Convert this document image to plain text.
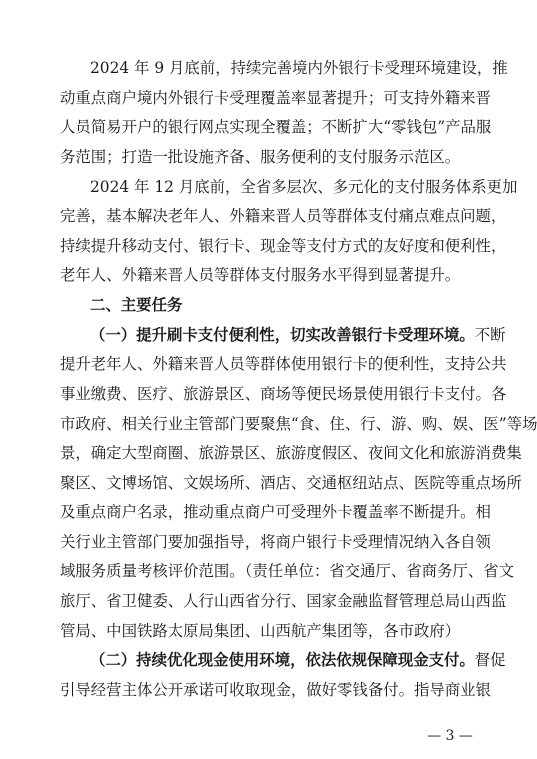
2024 年 9 月底前，持续完善境内外银行卡受理环境建设，推
动重点商户境内外银行卡受理覆盖率显著提升；可支持外籍来晋
人员简易开户的银行网点实现全覆盖；不断扩大“零钱包”产品服
务范围；打造一批设施齐备、服务便利的支付服务示范区。
2024 年 12 月底前，全省多层次、多元化的支付服务体系更加
完善，基本解决老年人、外籍来晋人员等群体支付痛点难点问题，
持续提升移动支付、银行卡、现金等支付方式的友好度和便利性，
老年人、外籍来晋人员等群体支付服务水平得到显著提升。
二、主要任务
（一）提升刷卡支付便利性，切实改善银行卡受理环境。不断
提升老年人、外籍来晋人员等群体使用银行卡的便利性，支持公共
事业缴费、医疗、旅游景区、商场等便民场景使用银行卡支付。各
市政府、相关行业主管部门要聚焦“食、住、行、游、购、娱、医”等场
景，确定大型商圈、旅游景区、旅游度假区、夜间文化和旅游消费集
聚区、文博场馆、文娱场所、酒店、交通枢纽站点、医院等重点场所
及重点商户名录，推动重点商户可受理外卡覆盖率不断提升。相
关行业主管部门要加强指导，将商户银行卡受理情况纳入各自领
域服务质量考核评价范围。（责任单位：省交通厅、省商务厅、省文
旅厅、省卫健委、人行山西省分行、国家金融监督管理总局山西监
管局、中国铁路太原局集团、山西航产集团等，各市政府）
（二）持续优化现金使用环境，依法依规保障现金支付。督促
引导经营主体公开承诺可收取现金，做好零钱备付。指导商业银
— 3 —
